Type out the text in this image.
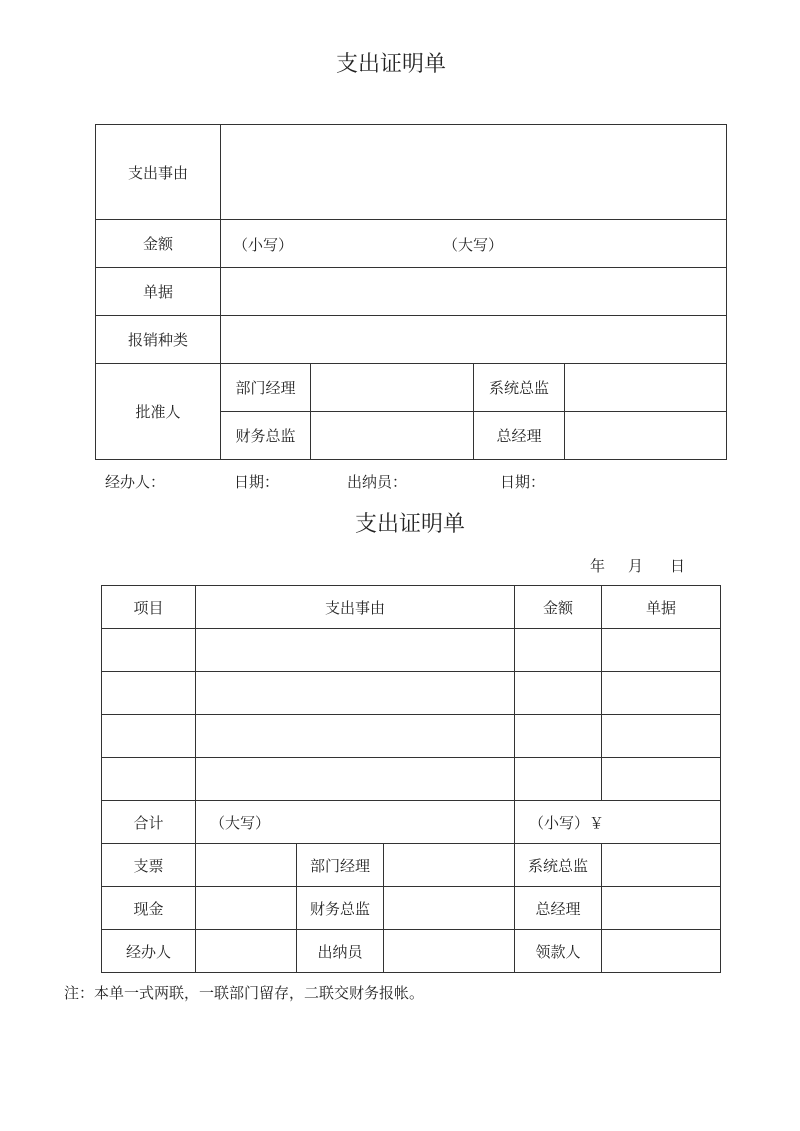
支出证明单
支出事由				
金额	（小写） （大写）			

单据				
报销种类				
批准人	部门经理		系统总监	
	财务总监		总经理	
经办人：	日期：	出纳员：	日期：
支出证明单
年 月 日
项目	支出事由			金额	单据

合计	（大写）			（小写）￥	
支票		部门经理		系统总监	
现金		财务总监		总经理	
经办人		出纳员		领款人	
注：本单一式两联，一联部门留存，二联交财务报帐。
